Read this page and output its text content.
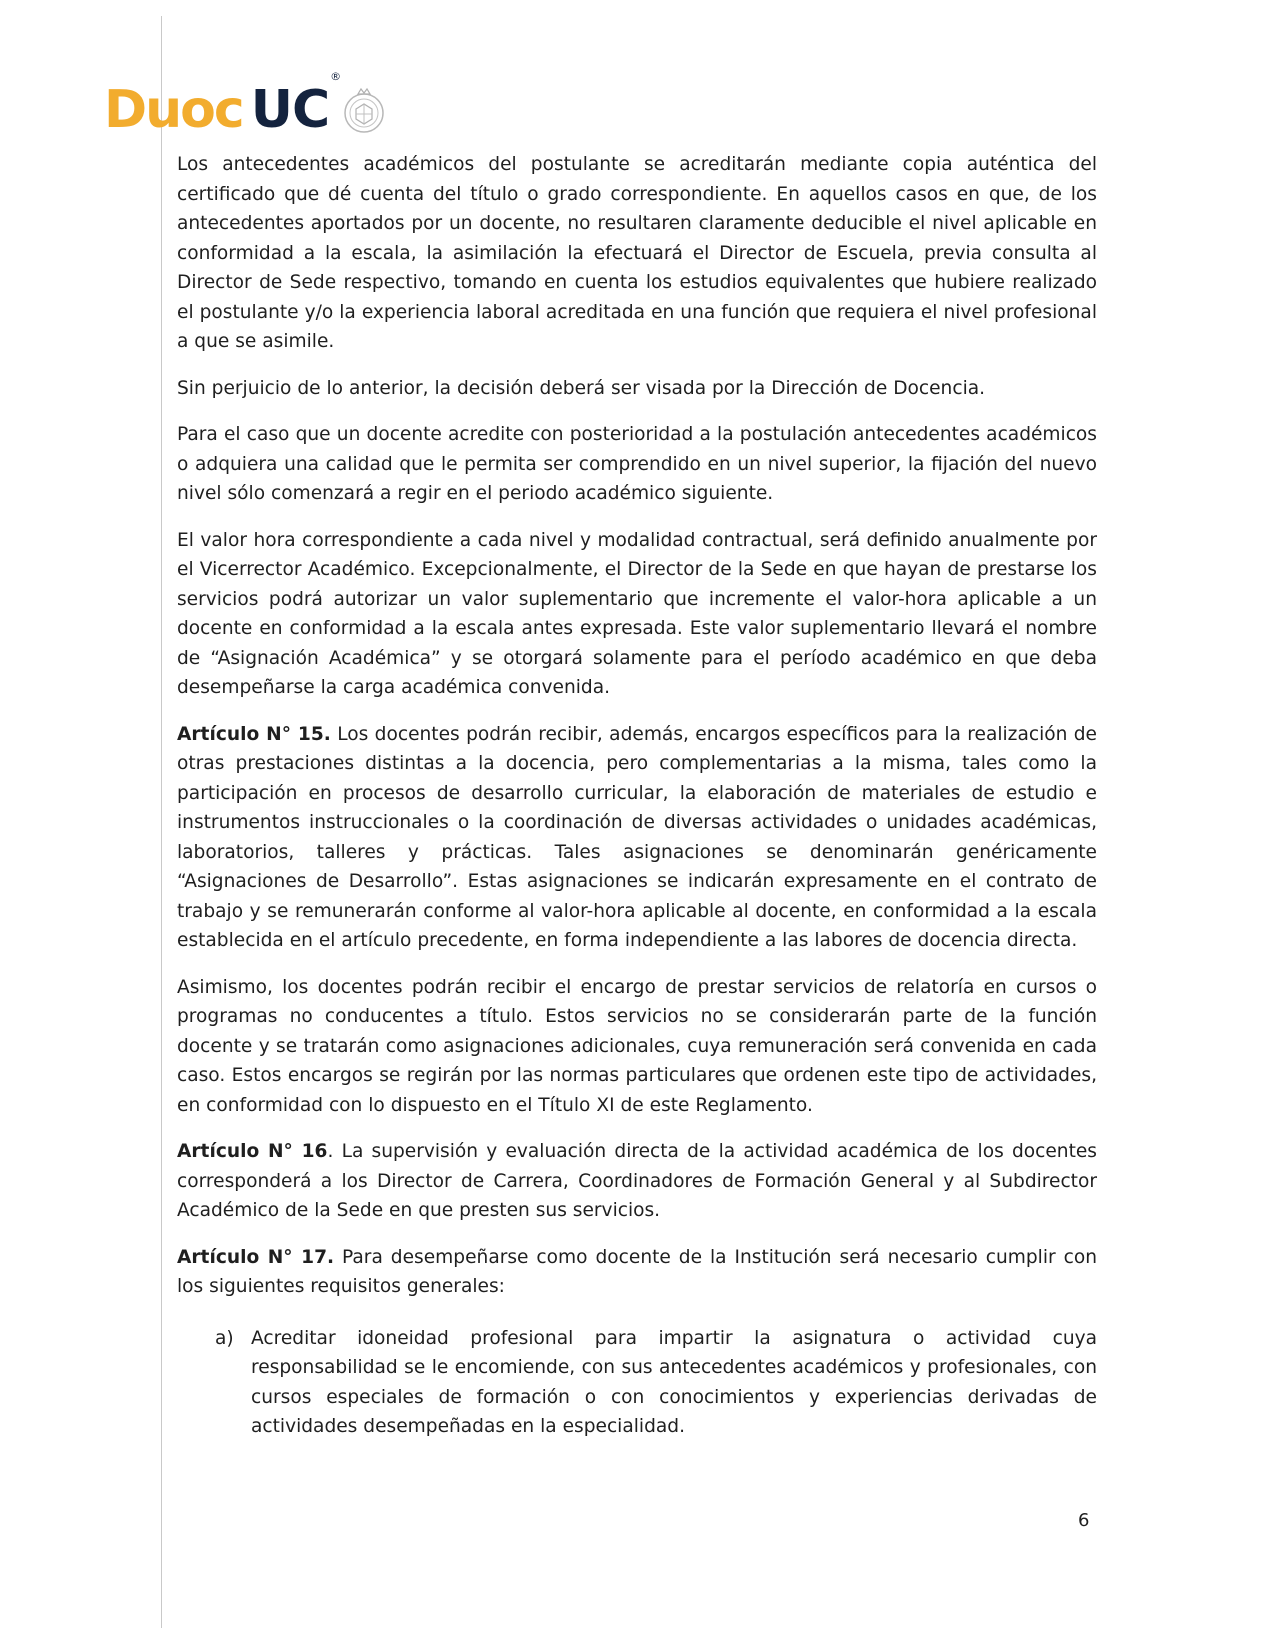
Duoc UC
®

Los antecedentes académicos del postulante se acreditarán mediante copia auténtica del certificado que dé cuenta del título o grado correspondiente. En aquellos casos en que, de los antecedentes aportados por un docente, no resultaren claramente deducible el nivel aplicable en conformidad a la escala, la asimilación la efectuará el Director de Escuela, previa consulta al Director de Sede respectivo, tomando en cuenta los estudios equivalentes que hubiere realizado el postulante y/o la experiencia laboral acreditada en una función que requiera el nivel profesional a que se asimile.

Sin perjuicio de lo anterior, la decisión deberá ser visada por la Dirección de Docencia.

Para el caso que un docente acredite con posterioridad a la postulación antecedentes académicos o adquiera una calidad que le permita ser comprendido en un nivel superior, la fijación del nuevo nivel sólo comenzará a regir en el periodo académico siguiente.

El valor hora correspondiente a cada nivel y modalidad contractual, será definido anualmente por el Vicerrector Académico. Excepcionalmente, el Director de la Sede en que hayan de prestarse los servicios podrá autorizar un valor suplementario que incremente el valor-hora aplicable a un docente en conformidad a la escala antes expresada. Este valor suplementario llevará el nombre de “Asignación Académica” y se otorgará solamente para el período académico en que deba desempeñarse la carga académica convenida.

Artículo N° 15. Los docentes podrán recibir, además, encargos específicos para la realización de otras prestaciones distintas a la docencia, pero complementarias a la misma, tales como la participación en procesos de desarrollo curricular, la elaboración de materiales de estudio e instrumentos instruccionales o la coordinación de diversas actividades o unidades académicas, laboratorios, talleres y prácticas. Tales asignaciones se denominarán genéricamente “Asignaciones de Desarrollo”. Estas asignaciones se indicarán expresamente en el contrato de trabajo y se remunerarán conforme al valor-hora aplicable al docente, en conformidad a la escala establecida en el artículo precedente, en forma independiente a las labores de docencia directa.

Asimismo, los docentes podrán recibir el encargo de prestar servicios de relatoría en cursos o programas no conducentes a título. Estos servicios no se considerarán parte de la función docente y se tratarán como asignaciones adicionales, cuya remuneración será convenida en cada caso. Estos encargos se regirán por las normas particulares que ordenen este tipo de actividades, en conformidad con lo dispuesto en el Título XI de este Reglamento.

Artículo N° 16. La supervisión y evaluación directa de la actividad académica de los docentes corresponderá a los Director de Carrera, Coordinadores de Formación General y al Subdirector Académico de la Sede en que presten sus servicios.

Artículo N° 17. Para desempeñarse como docente de la Institución será necesario cumplir con los siguientes requisitos generales:

a) Acreditar idoneidad profesional para impartir la asignatura o actividad cuya responsabilidad se le encomiende, con sus antecedentes académicos y profesionales, con cursos especiales de formación o con conocimientos y experiencias derivadas de actividades desempeñadas en la especialidad.
6
